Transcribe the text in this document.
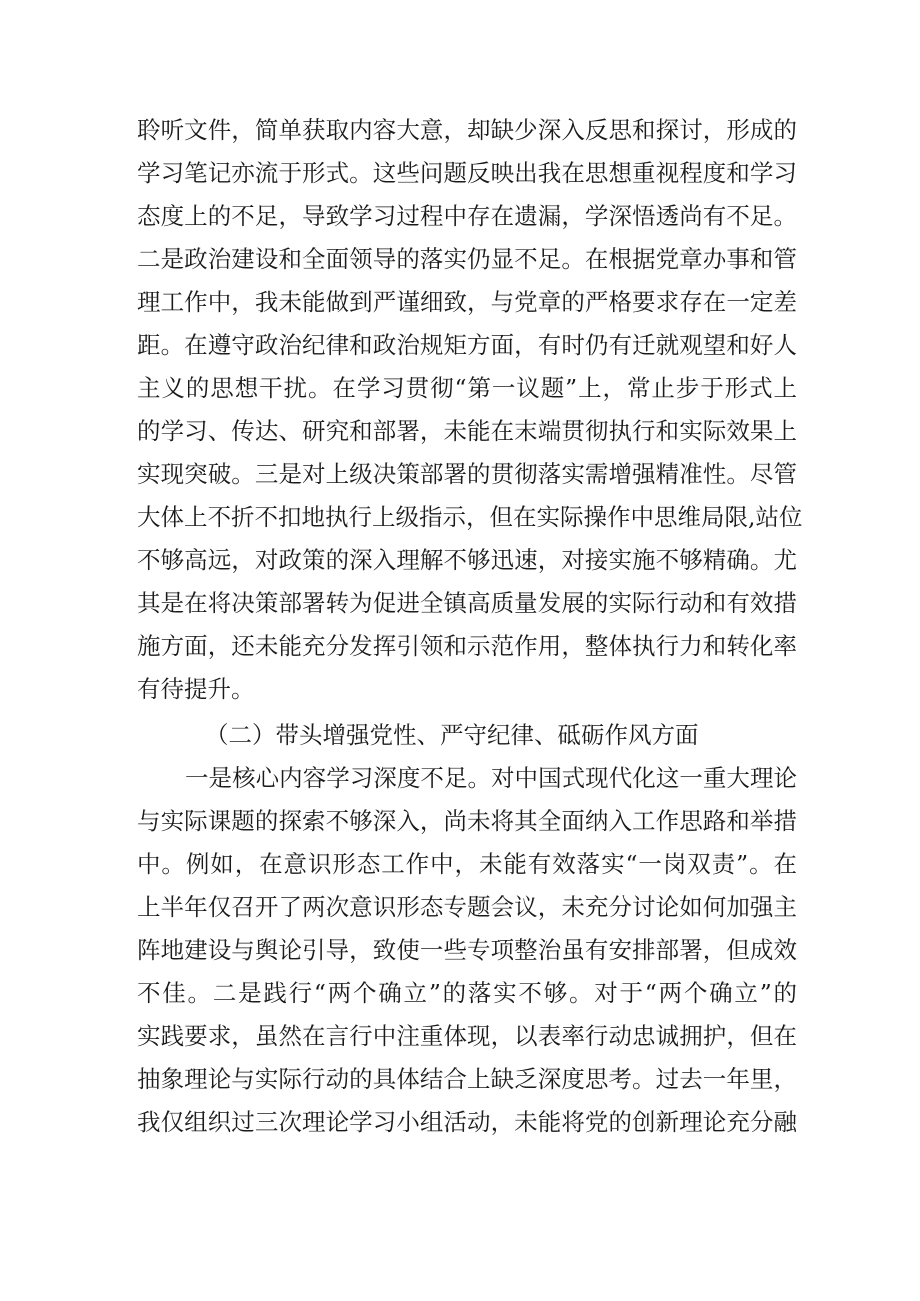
聆听文件，简单获取内容大意，却缺少深入反思和探讨，形成的

学习笔记亦流于形式。这些问题反映出我在思想重视程度和学习

态度上的不足，导致学习过程中存在遗漏，学深悟透尚有不足。

二是政治建设和全面领导的落实仍显不足。在根据党章办事和管

理工作中，我未能做到严谨细致，与党章的严格要求存在一定差

距。在遵守政治纪律和政治规矩方面，有时仍有迁就观望和好人

主义的思想干扰。在学习贯彻“第一议题”上，常止步于形式上

的学习、传达、研究和部署，未能在末端贯彻执行和实际效果上

实现突破。三是对上级决策部署的贯彻落实需增强精准性。尽管

大体上不折不扣地执行上级指示，但在实际操作中思维局限,站位

不够高远，对政策的深入理解不够迅速，对接实施不够精确。尤

其是在将决策部署转为促进全镇高质量发展的实际行动和有效措

施方面，还未能充分发挥引领和示范作用，整体执行力和转化率

有待提升。

（二）带头增强党性、严守纪律、砥砺作风方面

一是核心内容学习深度不足。对中国式现代化这一重大理论

与实际课题的探索不够深入，尚未将其全面纳入工作思路和举措

中。例如，在意识形态工作中，未能有效落实“一岗双责”。在

上半年仅召开了两次意识形态专题会议，未充分讨论如何加强主

阵地建设与舆论引导，致使一些专项整治虽有安排部署，但成效

不佳。二是践行“两个确立”的落实不够。对于“两个确立”的

实践要求，虽然在言行中注重体现，以表率行动忠诚拥护，但在

抽象理论与实际行动的具体结合上缺乏深度思考。过去一年里，

我仅组织过三次理论学习小组活动，未能将党的创新理论充分融
